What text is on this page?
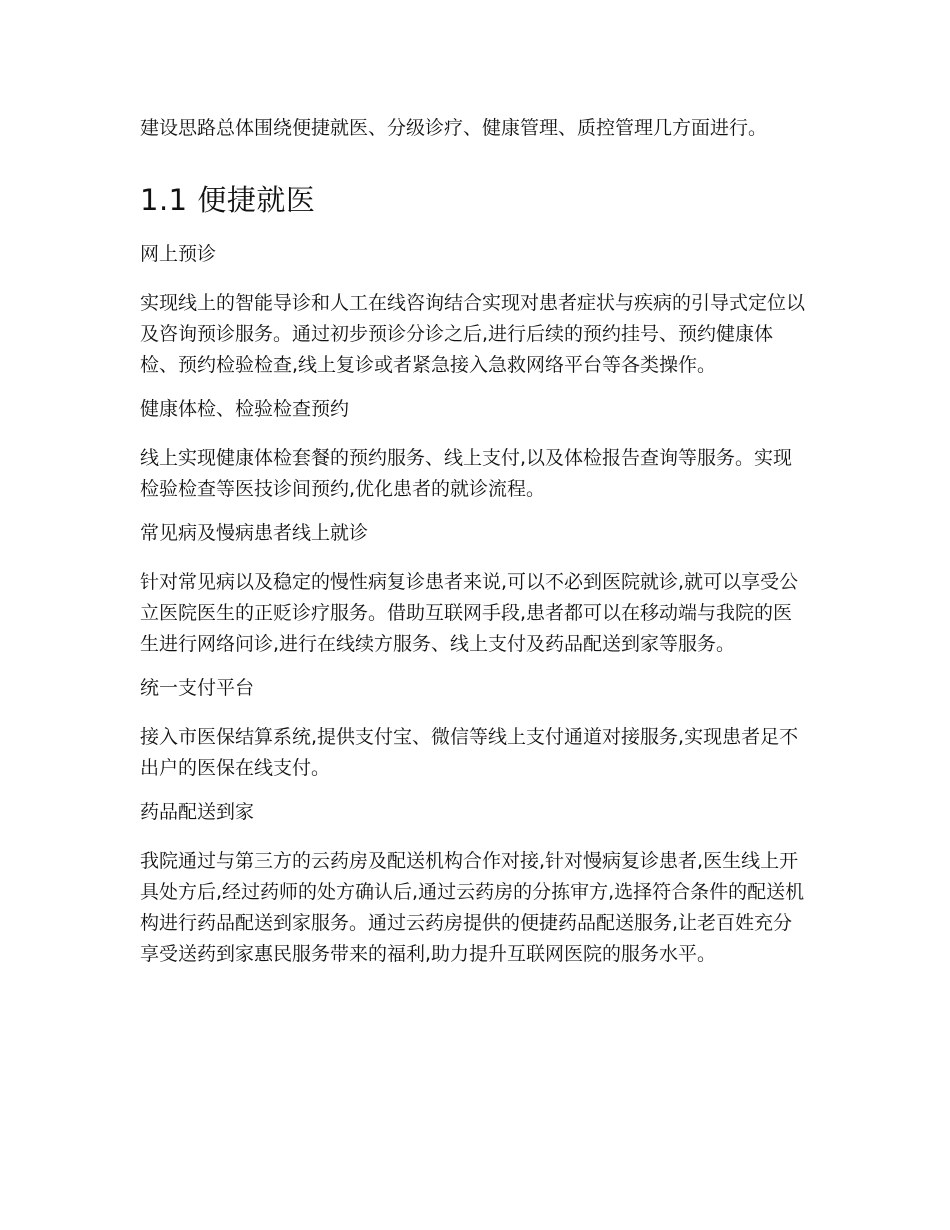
建设思路总体围绕便捷就医、分级诊疗、健康管理、质控管理几方面进行。

1.1 便捷就医

网上预诊

实现线上的智能导诊和人工在线咨询结合实现对患者症状与疾病的引导式定位以及咨询预诊服务。通过初步预诊分诊之后,进行后续的预约挂号、预约健康体检、预约检验检查,线上复诊或者紧急接入急救网络平台等各类操作。

健康体检、检验检查预约

线上实现健康体检套餐的预约服务、线上支付,以及体检报告查询等服务。实现检验检查等医技诊间预约,优化患者的就诊流程。

常见病及慢病患者线上就诊

针对常见病以及稳定的慢性病复诊患者来说,可以不必到医院就诊,就可以享受公立医院医生的正贬诊疗服务。借助互联网手段,患者都可以在移动端与我院的医生进行网络问诊,进行在线续方服务、线上支付及药品配送到家等服务。

统一支付平台

接入市医保结算系统,提供支付宝、微信等线上支付通道对接服务,实现患者足不出户的医保在线支付。

药品配送到家

我院通过与第三方的云药房及配送机构合作对接,针对慢病复诊患者,医生线上开具处方后,经过药师的处方确认后,通过云药房的分拣审方,选择符合条件的配送机构进行药品配送到家服务。通过云药房提供的便捷药品配送服务,让老百姓充分享受送药到家惠民服务带来的福利,助力提升互联网医院的服务水平。
